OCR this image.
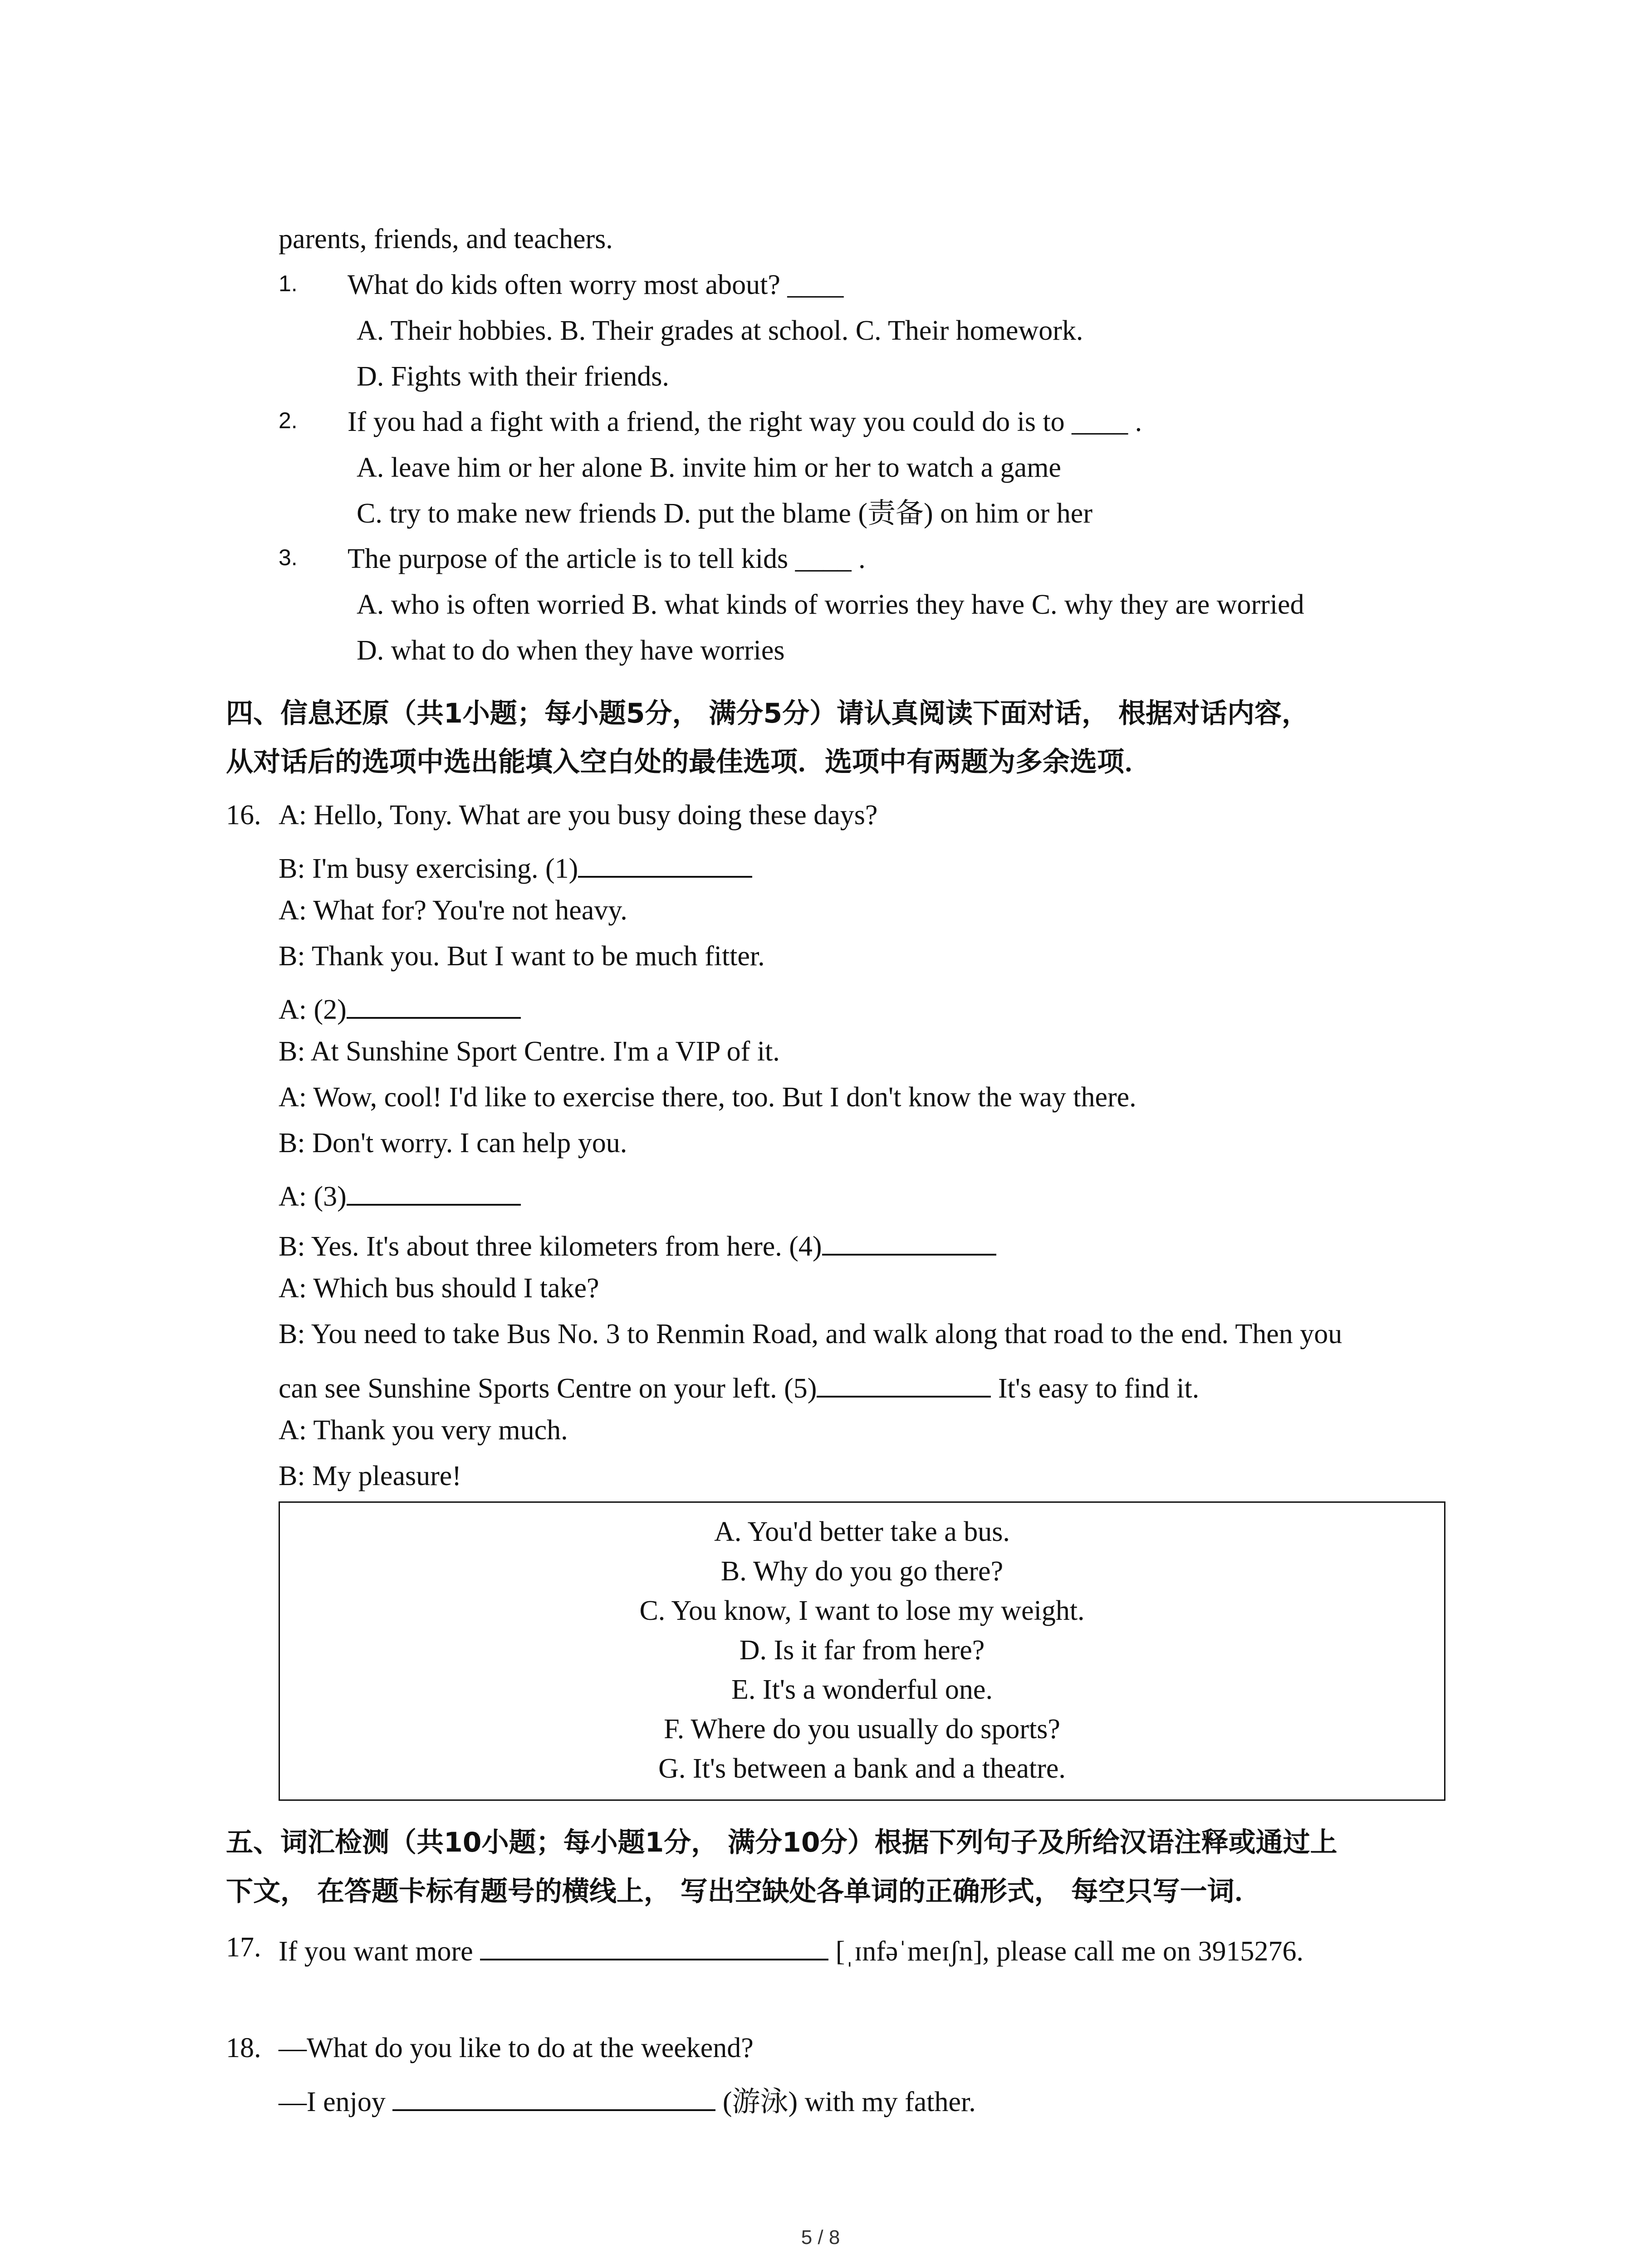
parents, friends, and teachers.
1. What do kids often worry most about? ____
A. Their hobbies. B. Their grades at school. C. Their homework.
D. Fights with their friends.
2. If you had a fight with a friend, the right way you could do is to ____ .
A. leave him or her alone B. invite him or her to watch a game
C. try to make new friends D. put the blame (责备) on him or her
3. The purpose of the article is to tell kids ____ .
A. who is often worried B. what kinds of worries they have C. why they are worried
D. what to do when they have worries
四、信息还原（共1小题；每小题5分， 满分5分）请认真阅读下面对话， 根据对话内容，
从对话后的选项中选出能填入空白处的最佳选项．选项中有两题为多余选项．
16. A: Hello, Tony. What are you busy doing these days?
B: I'm busy exercising. (1)
A: What for? You're not heavy.
B: Thank you. But I want to be much fitter.
A: (2)
B: At Sunshine Sport Centre. I'm a VIP of it.
A: Wow, cool! I'd like to exercise there, too. But I don't know the way there.
B: Don't worry. I can help you.
A: (3)
B: Yes. It's about three kilometers from here. (4)
A: Which bus should I take?
B: You need to take Bus No. 3 to Renmin Road, and walk along that road to the end. Then you
can see Sunshine Sports Centre on your left. (5)	It's easy to find it.
A: Thank you very much.
B: My pleasure!
A. You'd better take a bus.
B. Why do you go there?
C. You know, I want to lose my weight.
D. Is it far from here?
E. It's a wonderful one.
F. Where do you usually do sports?
G. It's between a bank and a theatre.
五、词汇检测（共10小题；每小题1分， 满分10分）根据下列句子及所给汉语注释或通过上
下文， 在答题卡标有题号的横线上， 写出空缺处各单词的正确形式， 每空只写一词．
17. If you want more	[ˌɪnfəˈmeɪʃn], please call me on 3915276.
18. —What do you like to do at the weekend?
—I enjoy	(游泳) with my father.
5 / 8
